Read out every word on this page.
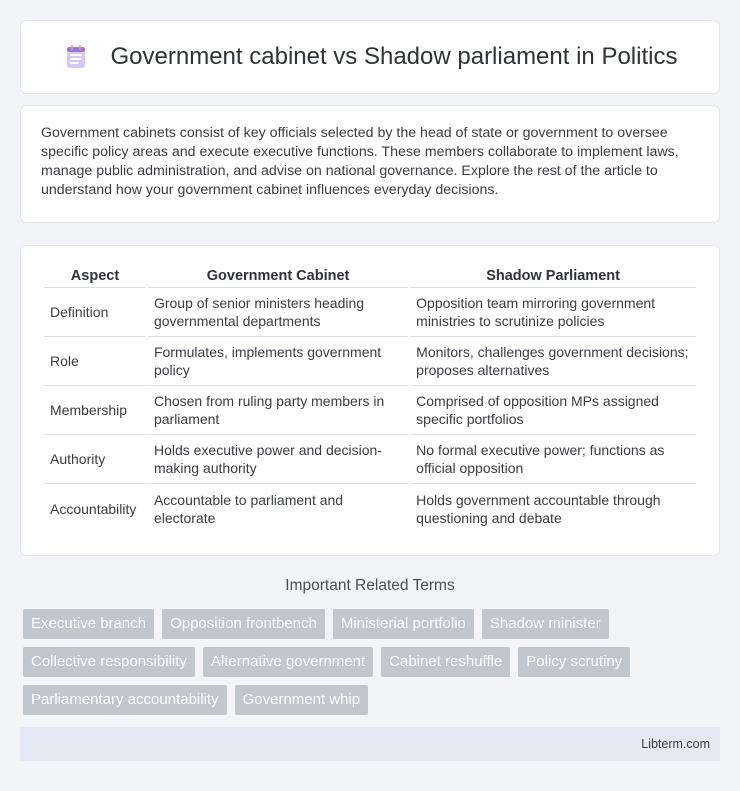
Government cabinet vs Shadow parliament in Politics

Government cabinets consist of key officials selected by the head of state or government to oversee specific policy areas and execute executive functions. These members collaborate to implement laws, manage public administration, and advise on national governance. Explore the rest of the article to understand how your government cabinet influences everyday decisions.

Aspect	Government Cabinet	Shadow Parliament
Definition	Group of senior ministers heading governmental departments	Opposition team mirroring government ministries to scrutinize policies
Role	Formulates, implements government policy	Monitors, challenges government decisions; proposes alternatives
Membership	Chosen from ruling party members in parliament	Comprised of opposition MPs assigned specific portfolios
Authority	Holds executive power and decision-making authority	No formal executive power; functions as official opposition
Accountability	Accountable to parliament and electorate	Holds government accountable through questioning and debate
Important Related Terms
Executive branch	Opposition frontbench	Ministerial portfolio	Shadow minister
Collective responsibility	Alternative government	Cabinet reshuffle	Policy scrutiny
Parliamentary accountability	Government whip
Libterm.com
